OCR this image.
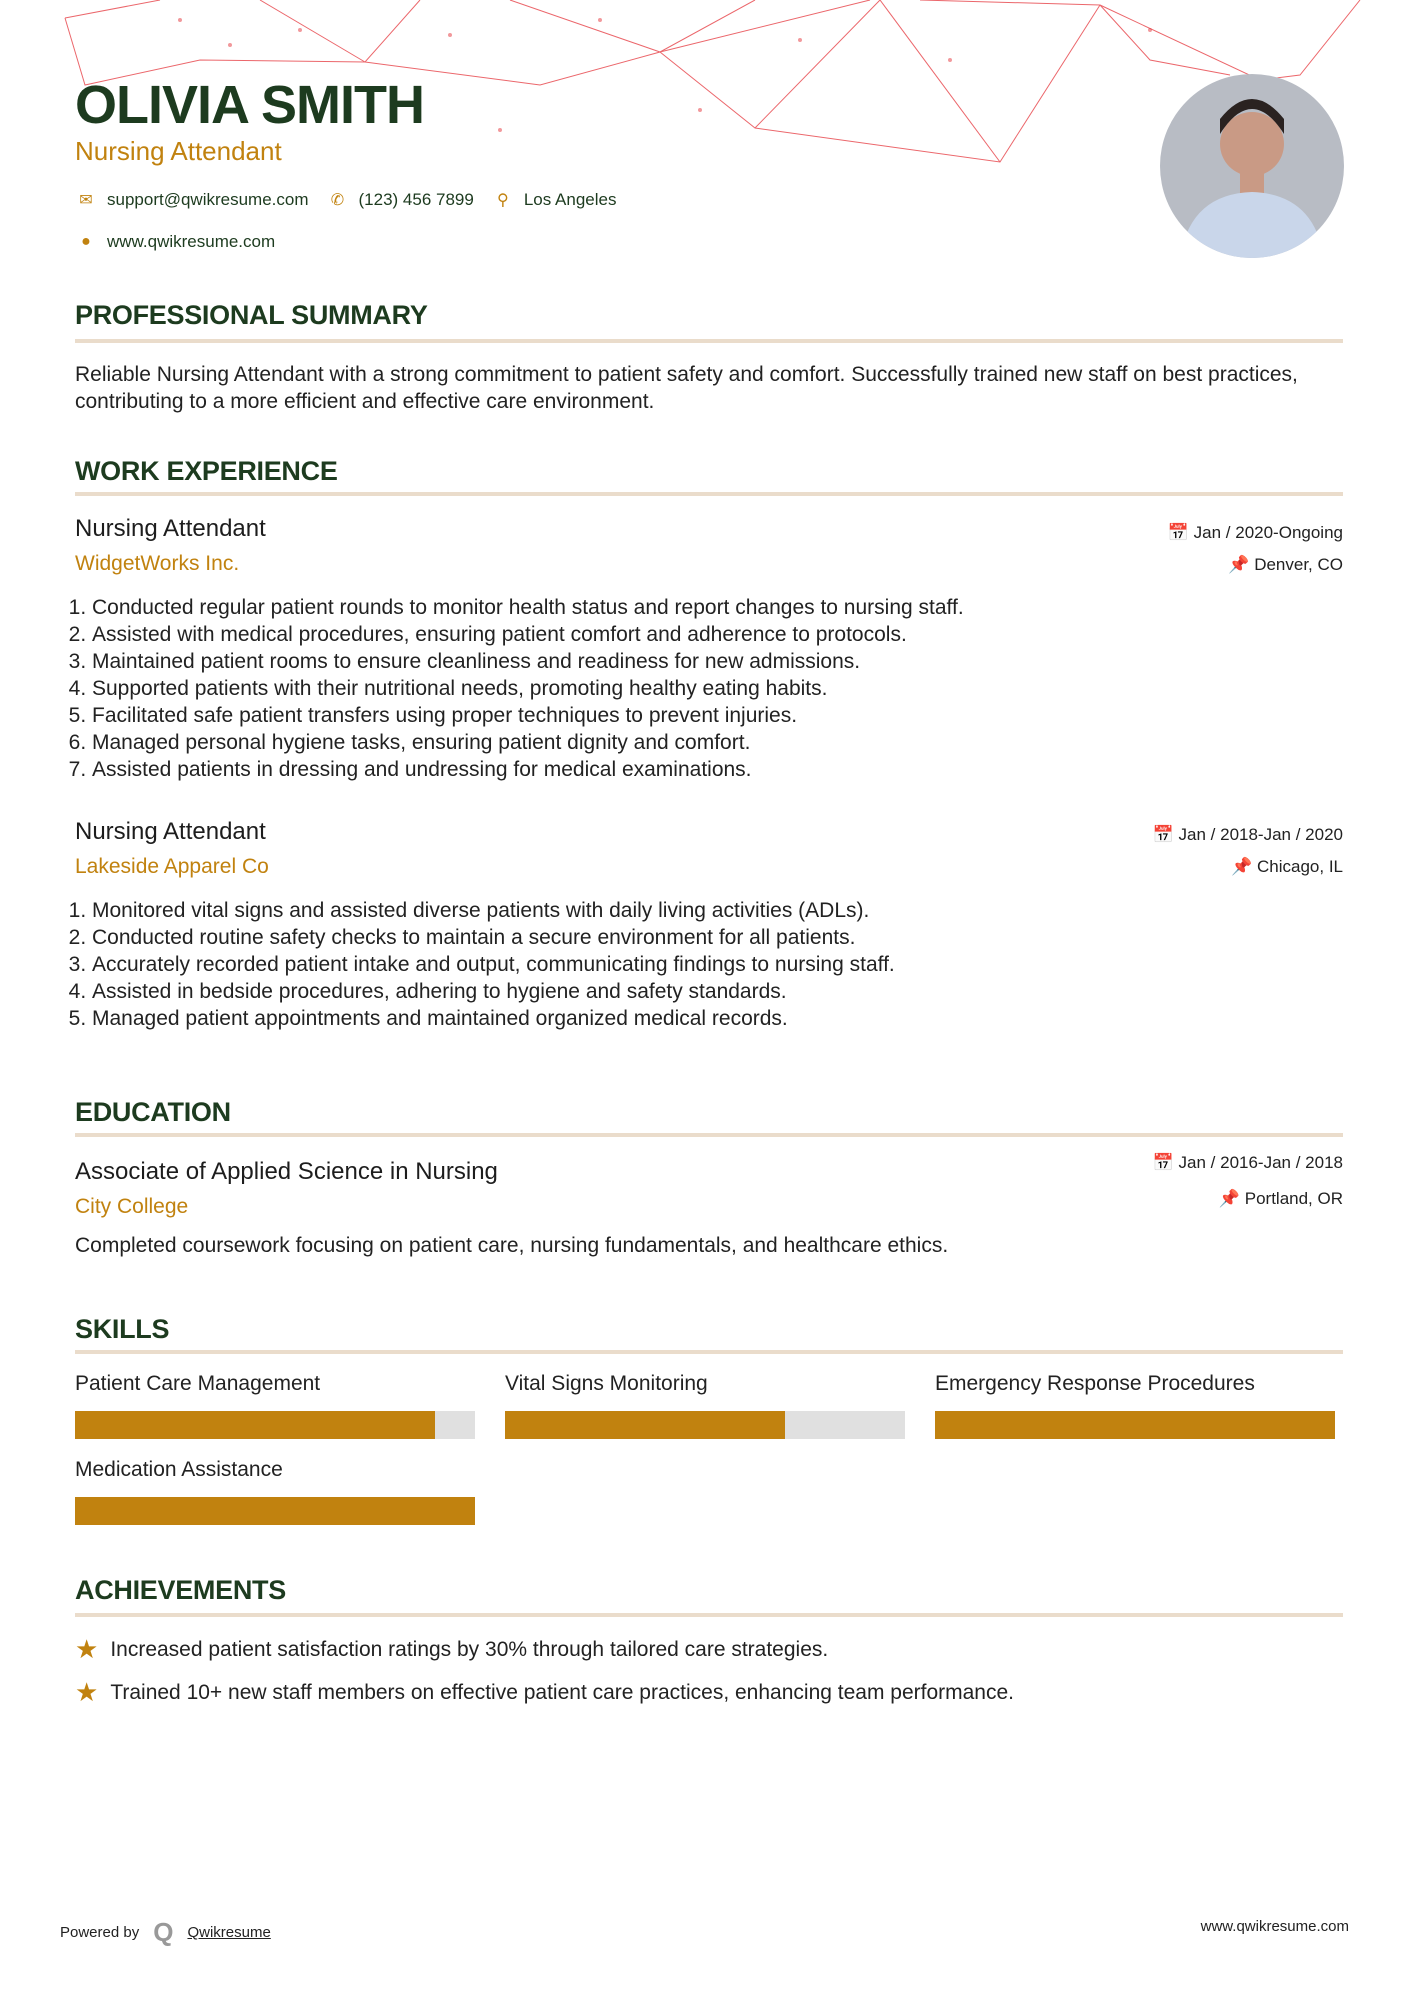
OLIVIA SMITH
Nursing Attendant
✉ support@qwikresume.com ✆ (123) 456 7899	⚲ Los Angeles
● www.qwikresume.com
PROFESSIONAL SUMMARY
Reliable Nursing Attendant with a strong commitment to patient safety and comfort. Successfully trained new staff on best practices, contributing to a more efficient and effective care environment.
WORK EXPERIENCE
Nursing Attendant
WidgetWorks Inc.
📅 Jan / 2020-Ongoing
📌 Denver, CO
1. Conducted regular patient rounds to monitor health status and report changes to nursing staff.
2. Assisted with medical procedures, ensuring patient comfort and adherence to protocols.
3. Maintained patient rooms to ensure cleanliness and readiness for new admissions.
4. Supported patients with their nutritional needs, promoting healthy eating habits.
5. Facilitated safe patient transfers using proper techniques to prevent injuries.
6. Managed personal hygiene tasks, ensuring patient dignity and comfort.
7. Assisted patients in dressing and undressing for medical examinations.
Nursing Attendant
Lakeside Apparel Co
📅 Jan / 2018-Jan / 2020
📌 Chicago, IL
1. Monitored vital signs and assisted diverse patients with daily living activities (ADLs).
2. Conducted routine safety checks to maintain a secure environment for all patients.
3. Accurately recorded patient intake and output, communicating findings to nursing staff.
4. Assisted in bedside procedures, adhering to hygiene and safety standards.
5. Managed patient appointments and maintained organized medical records.
EDUCATION
Associate of Applied Science in Nursing
City College
📅 Jan / 2016-Jan / 2018
📌 Portland, OR
Completed coursework focusing on patient care, nursing fundamentals, and healthcare ethics.
SKILLS
Patient Care Management	Vital Signs Monitoring	Emergency Response Procedures
Medication Assistance
ACHIEVEMENTS
★ Increased patient satisfaction ratings by 30% through tailored care strategies.
★ Trained 10+ new staff members on effective patient care practices, enhancing team performance.
Powered by Q Qwikresume	www.qwikresume.com
